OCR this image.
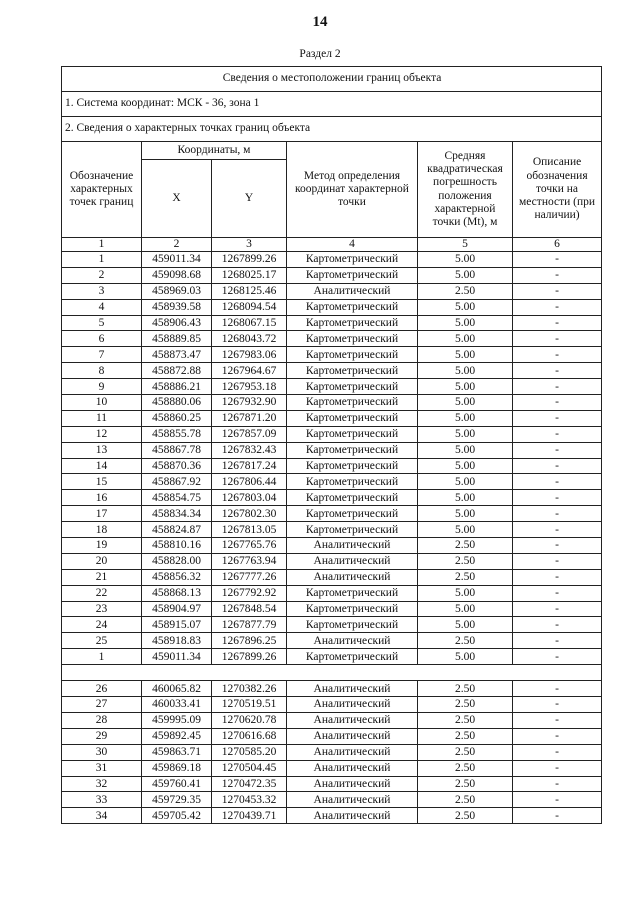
14
Раздел 2
Сведения о местоположении границ объекта					
1. Система координат: МСК - 36, зона 1					
2. Сведения о характерных точках границ объекта					
Обозначение характерных точек границ	Координаты, м		Метод определения координат характерной точки	Средняя квадратическая погрешность положения характерной точки (Mt), м	Описание обозначения точки на местности (при наличии)
	X	Y			
1	2	3	4	5	6
1	459011.34	1267899.26	Картометрический	5.00	-
2	459098.68	1268025.17	Картометрический	5.00	-
3	458969.03	1268125.46	Аналитический	2.50	-
4	458939.58	1268094.54	Картометрический	5.00	-
5	458906.43	1268067.15	Картометрический	5.00	-
6	458889.85	1268043.72	Картометрический	5.00	-
7	458873.47	1267983.06	Картометрический	5.00	-
8	458872.88	1267964.67	Картометрический	5.00	-
9	458886.21	1267953.18	Картометрический	5.00	-
10	458880.06	1267932.90	Картометрический	5.00	-
11	458860.25	1267871.20	Картометрический	5.00	-
12	458855.78	1267857.09	Картометрический	5.00	-
13	458867.78	1267832.43	Картометрический	5.00	-
14	458870.36	1267817.24	Картометрический	5.00	-
15	458867.92	1267806.44	Картометрический	5.00	-
16	458854.75	1267803.04	Картометрический	5.00	-
17	458834.34	1267802.30	Картометрический	5.00	-
18	458824.87	1267813.05	Картометрический	5.00	-
19	458810.16	1267765.76	Аналитический	2.50	-
20	458828.00	1267763.94	Аналитический	2.50	-
21	458856.32	1267777.26	Аналитический	2.50	-
22	458868.13	1267792.92	Картометрический	5.00	-
23	458904.97	1267848.54	Картометрический	5.00	-
24	458915.07	1267877.79	Картометрический	5.00	-
25	458918.83	1267896.25	Аналитический	2.50	-
1	459011.34	1267899.26	Картометрический	5.00	-

26	460065.82	1270382.26	Аналитический	2.50	-
27	460033.41	1270519.51	Аналитический	2.50	-
28	459995.09	1270620.78	Аналитический	2.50	-
29	459892.45	1270616.68	Аналитический	2.50	-
30	459863.71	1270585.20	Аналитический	2.50	-
31	459869.18	1270504.45	Аналитический	2.50	-
32	459760.41	1270472.35	Аналитический	2.50	-
33	459729.35	1270453.32	Аналитический	2.50	-
34	459705.42	1270439.71	Аналитический	2.50	-
